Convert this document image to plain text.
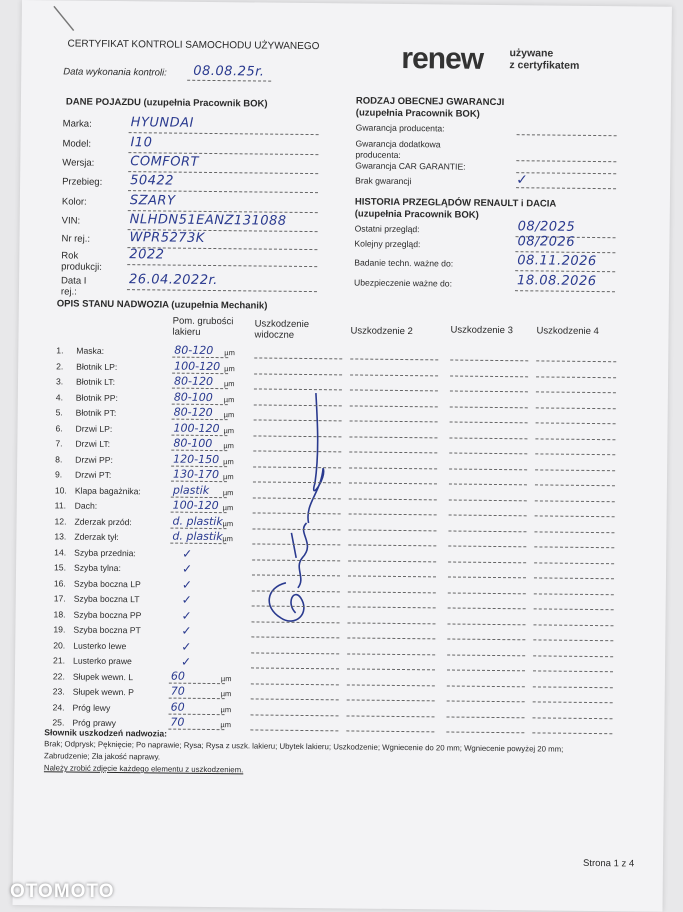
CERTYFIKAT KONTROLI SAMOCHODU UŻYWANEGO
Data wykonania kontroli: 08.08.25r.	renew używane
z certyfikatem
DANE POJAZDU (uzupełnia Pracownik BOK)	RODZAJ OBECNEJ GWARANCJI
(uzupełnia Pracownik BOK)
HISTORIA PRZEGLĄDÓW RENAULT i DACIA
(uzupełnia Pracownik BOK)
OPIS STANU NADWOZIA (uzupełnia Mechanik)
Pom. grubości lakieru
Uszkodzenie widoczne	Uszkodzenie 2	Uszkodzenie 3 Uszkodzenie 4
Słownik uszkodzeń nadwozia:
Brak; Odprysk; Pęknięcie; Po naprawie; Rysa; Rysa z uszk. lakieru; Ubytek lakieru; Uszkodzenie; Wgniecenie do 20 mm; Wgniecenie powyżej 20 mm;
Zabrudzenie; Zła jakość naprawy.
Należy zrobić zdjęcie każdego elementu z uszkodzeniem.
Strona 1 z 4
Marka:	HYUNDAI
Model:	I10
Wersja:	COMFORT
Przebieg: 50422
Kolor:	SZARY
VIN:	NLHDN51EANZ131088
Nr rej.:	WPR5273K
Rok produkcji:
2022
Data I rej.:
26.04.2022r.
Gwarancja producenta:
Gwarancja dodatkowa producenta:
Gwarancja CAR GARANTIE:
Brak gwarancji	✓
Ostatni przegląd:	08/2025
Kolejny przegląd:	08/2026
Badanie techn. ważne do:	08.11.2026
Ubezpieczenie ważne do:	18.08.2026
1. Maska:	80-120 µm
2. Błotnik LP:	100-120 µm
3. Błotnik LT:	80-120 µm
4. Błotnik PP:	80-100 µm
5. Błotnik PT:	80-120 µm
6. Drzwi LP:	100-120 µm
7. Drzwi LT:	80-100 µm
8. Drzwi PP:	120-150 µm
9. Drzwi PT:	130-170 µm
10. Klapa bagażnika:	plastik µm
11. Dach:	100-120 µm
12. Zderzak przód:	d. plastik µm
13. Zderzak tył:	d. plastik µm
14. Szyba przednia:	✓
15. Szyba tylna:	✓
16. Szyba boczna LP	✓
17. Szyba boczna LT	✓
18. Szyba boczna PP	✓
19. Szyba boczna PT	✓
20. Lusterko lewe	✓
21. Lusterko prawe	✓
22. Słupek wewn. L	60	µm
23. Słupek wewn. P	70	µm
24. Próg lewy	60	µm
25. Próg prawy	70	µm
OTOMOTO
